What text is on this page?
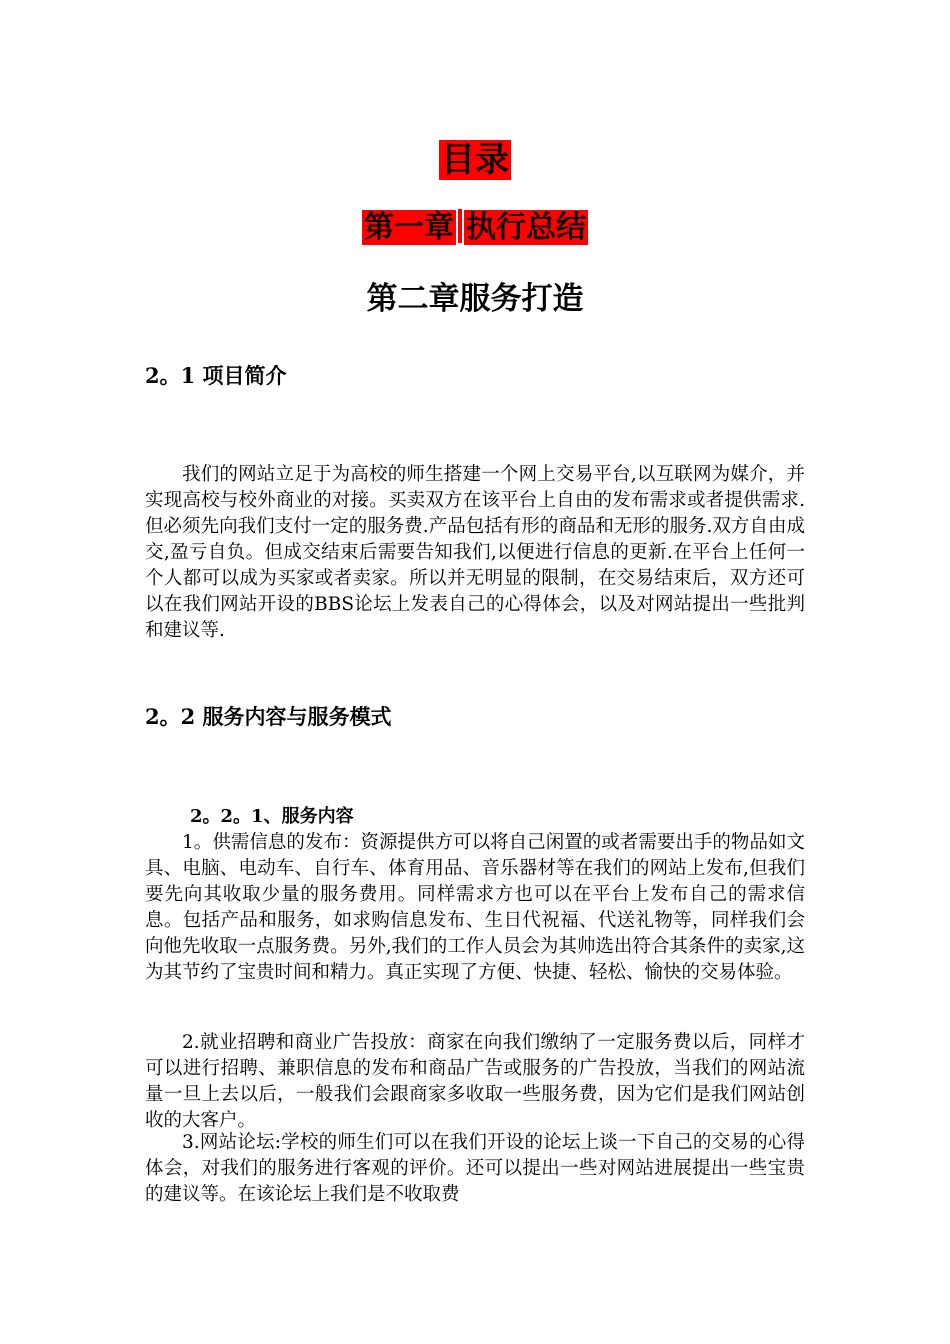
目录
第一章 执行总结
第二章服务打造
2。1 项目简介

我们的网站立足于为高校的师生搭建一个网上交易平台,以互联网为媒介，并实现高校与校外商业的对接。买卖双方在该平台上自由的发布需求或者提供需求.但必须先向我们支付一定的服务费.产品包括有形的商品和无形的服务.双方自由成交,盈亏自负。但成交结束后需要告知我们,以便进行信息的更新.在平台上任何一个人都可以成为买家或者卖家。所以并无明显的限制，在交易结束后，双方还可以在我们网站开设的BBS论坛上发表自己的心得体会，以及对网站提出一些批判和建议等.

2。2 服务内容与服务模式
2。2。1、服务内容

1。供需信息的发布：资源提供方可以将自己闲置的或者需要出手的物品如文具、电脑、电动车、自行车、体育用品、音乐器材等在我们的网站上发布,但我们要先向其收取少量的服务费用。同样需求方也可以在平台上发布自己的需求信息。包括产品和服务，如求购信息发布、生日代祝福、代送礼物等，同样我们会向他先收取一点服务费。另外,我们的工作人员会为其帅选出符合其条件的卖家,这为其节约了宝贵时间和精力。真正实现了方便、快捷、轻松、愉快的交易体验。

2.就业招聘和商业广告投放：商家在向我们缴纳了一定服务费以后，同样才可以进行招聘、兼职信息的发布和商品广告或服务的广告投放，当我们的网站流量一旦上去以后，一般我们会跟商家多收取一些服务费，因为它们是我们网站创收的大客户。

3.网站论坛:学校的师生们可以在我们开设的论坛上谈一下自己的交易的心得体会，对我们的服务进行客观的评价。还可以提出一些对网站进展提出一些宝贵的建议等。在该论坛上我们是不收取费
